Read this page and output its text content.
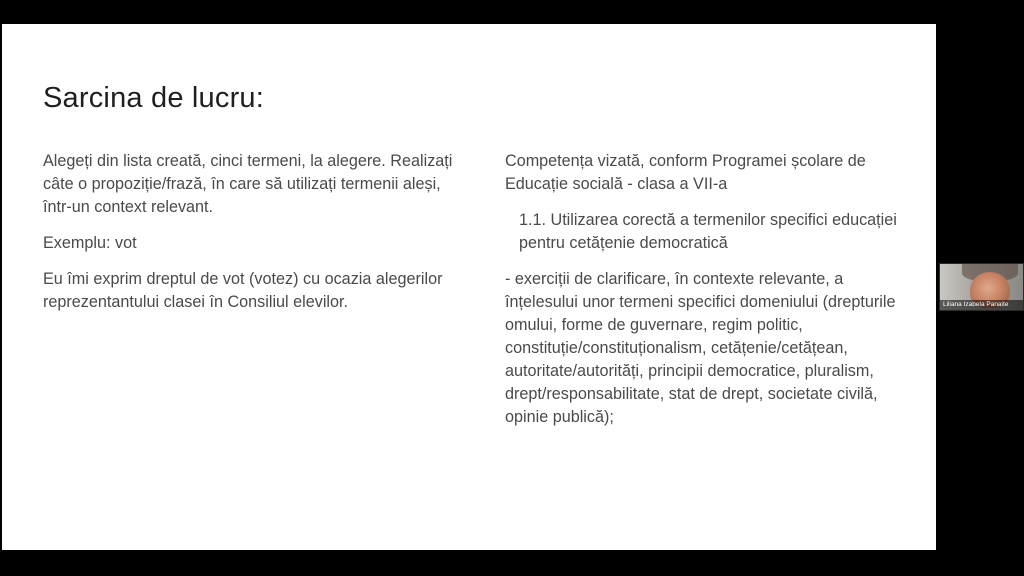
Sarcina de lucru:

Alegeți din lista creată, cinci termeni, la alegere. Realizați câte o propoziție/frază, în care să utilizați termenii aleși, într-un context relevant.

Exemplu: vot

Eu îmi exprim dreptul de vot (votez) cu ocazia alegerilor reprezentantului clasei în Consiliul elevilor.

Competența vizată, conform Programei școlare de Educație socială - clasa a VII-a

1.1. Utilizarea corectă a termenilor specifici educației pentru cetățenie democratică

- exerciții de clarificare, în contexte relevante, a înțelesului unor termeni specifici domeniului (drepturile omului, forme de guvernare, regim politic, constituție/constituționalism, cetățenie/cetățean, autoritate/autorități, principii democratice, pluralism, drept/responsabilitate, stat de drept, societate civilă, opinie publică);

Liliana Izabela Panaite
